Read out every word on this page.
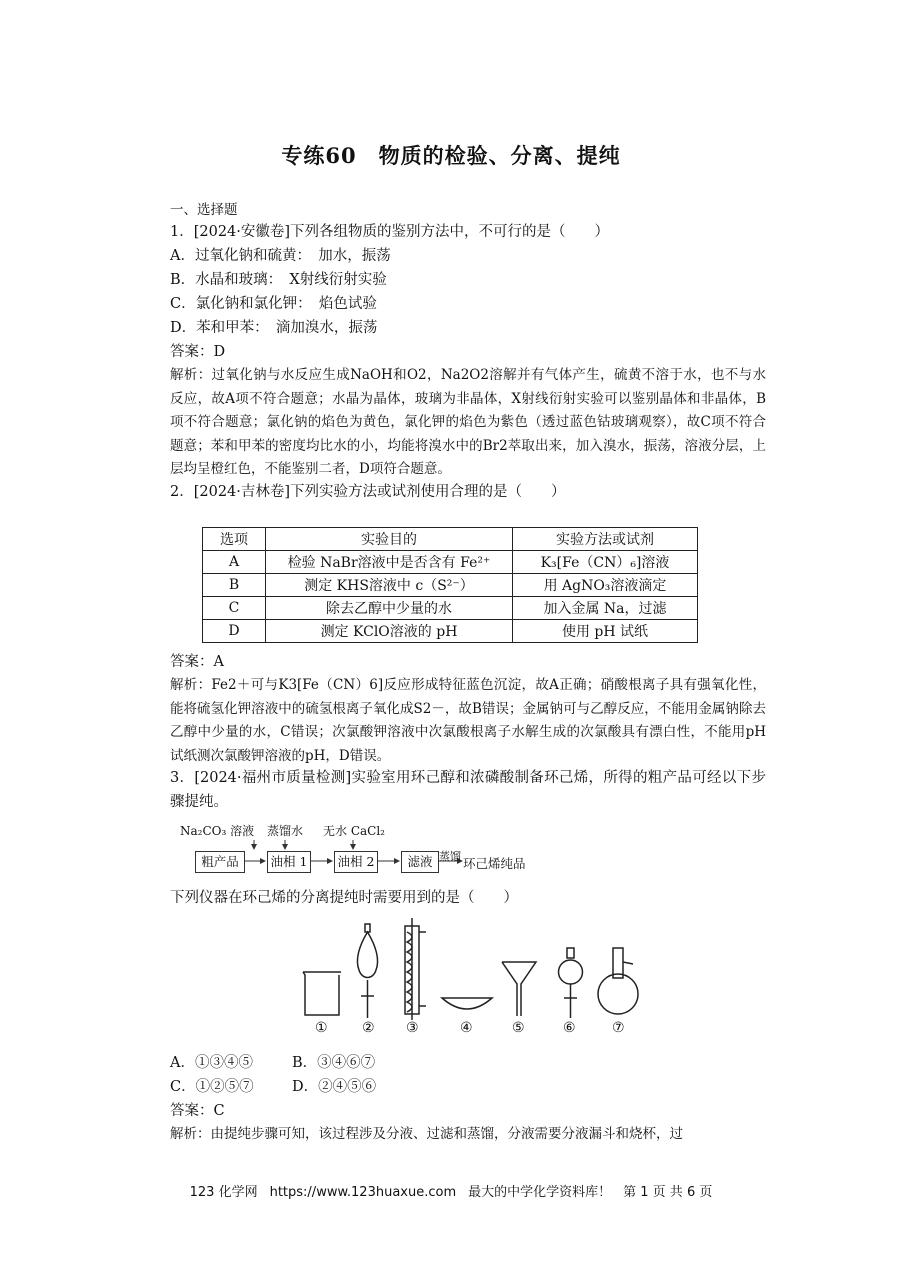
专练60　物质的检验、分离、提纯
一、选择题
1．[2024·安徽卷]下列各组物质的鉴别方法中，不可行的是（　　）
A．过氧化钠和硫黄：　加水，振荡
B．水晶和玻璃：　X射线衍射实验
C．氯化钠和氯化钾：　焰色试验
D．苯和甲苯：　滴加溴水，振荡
答案：D
解析：过氧化钠与水反应生成NaOH和O2，Na2O2溶解并有气体产生，硫黄不溶于水，也不与水反应，故A项不符合题意；水晶为晶体，玻璃为非晶体，X射线衍射实验可以鉴别晶体和非晶体，B项不符合题意；氯化钠的焰色为黄色，氯化钾的焰色为紫色（透过蓝色钴玻璃观察），故C项不符合题意；苯和甲苯的密度均比水的小，均能将溴水中的Br2萃取出来，加入溴水，振荡，溶液分层，上层均呈橙红色，不能鉴别二者，D项符合题意。
2．[2024·吉林卷]下列实验方法或试剂使用合理的是（　　）
选项	实验目的	实验方法或试剂
A	检验 NaBr溶液中是否含有 Fe²⁺	K₃[Fe（CN）₆]溶液
B	测定 KHS溶液中 c（S²⁻）	用 AgNO₃溶液滴定
C	除去乙醇中少量的水	加入金属 Na，过滤
D	测定 KClO溶液的 pH	使用 pH 试纸
答案：A
解析：Fe2＋可与K3[Fe（CN）6]反应形成特征蓝色沉淀，故A正确；硝酸根离子具有强氧化性，能将硫氢化钾溶液中的硫氢根离子氧化成S2－，故B错误；金属钠可与乙醇反应，不能用金属钠除去乙醇中少量的水，C错误；次氯酸钾溶液中次氯酸根离子水解生成的次氯酸具有漂白性，不能用pH试纸测次氯酸钾溶液的pH，D错误。
3．[2024·福州市质量检测]实验室用环己醇和浓磷酸制备环己烯，所得的粗产品可经以下步骤提纯。
Na₂CO₃ 溶液 蒸馏水 无水 CaCl₂
粗产品	油相 1 油相 2	滤液 蒸馏 环己烯纯品
下列仪器在环己烯的分离提纯时需要用到的是（　　）
① ② ③	④	⑤	⑥	⑦
A．①③④⑤	B．③④⑥⑦
C．①②⑤⑦	D．②④⑤⑥
答案：C
解析：由提纯步骤可知，该过程涉及分液、过滤和蒸馏，分液需要分液漏斗和烧杯，过
123 化学网 https://www.123huaxue.com 最大的中学化学资料库！ 第 1 页 共 6 页
